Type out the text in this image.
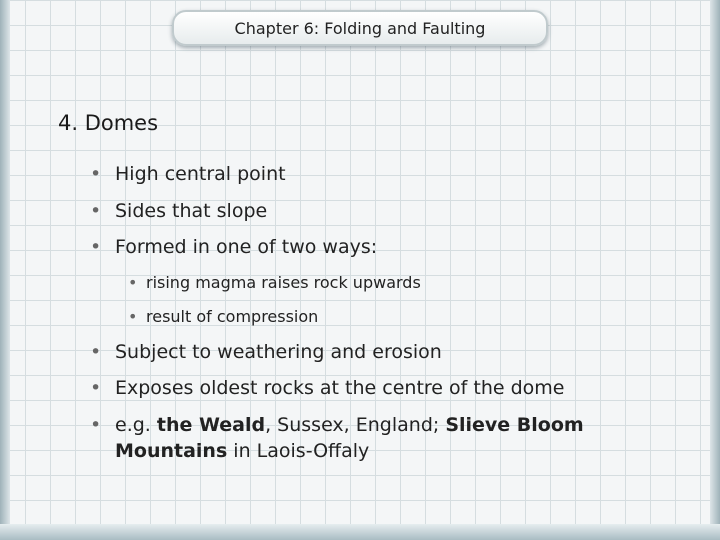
Chapter 6: Folding and Faulting
4. Domes
• High central point
• Sides that slope
• Formed in one of two ways:
• rising magma raises rock upwards
• result of compression
• Subject to weathering and erosion
• Exposes oldest rocks at the centre of the dome
• e.g. the Weald, Sussex, England; Slieve Bloom Mountains in Laois-Offaly
